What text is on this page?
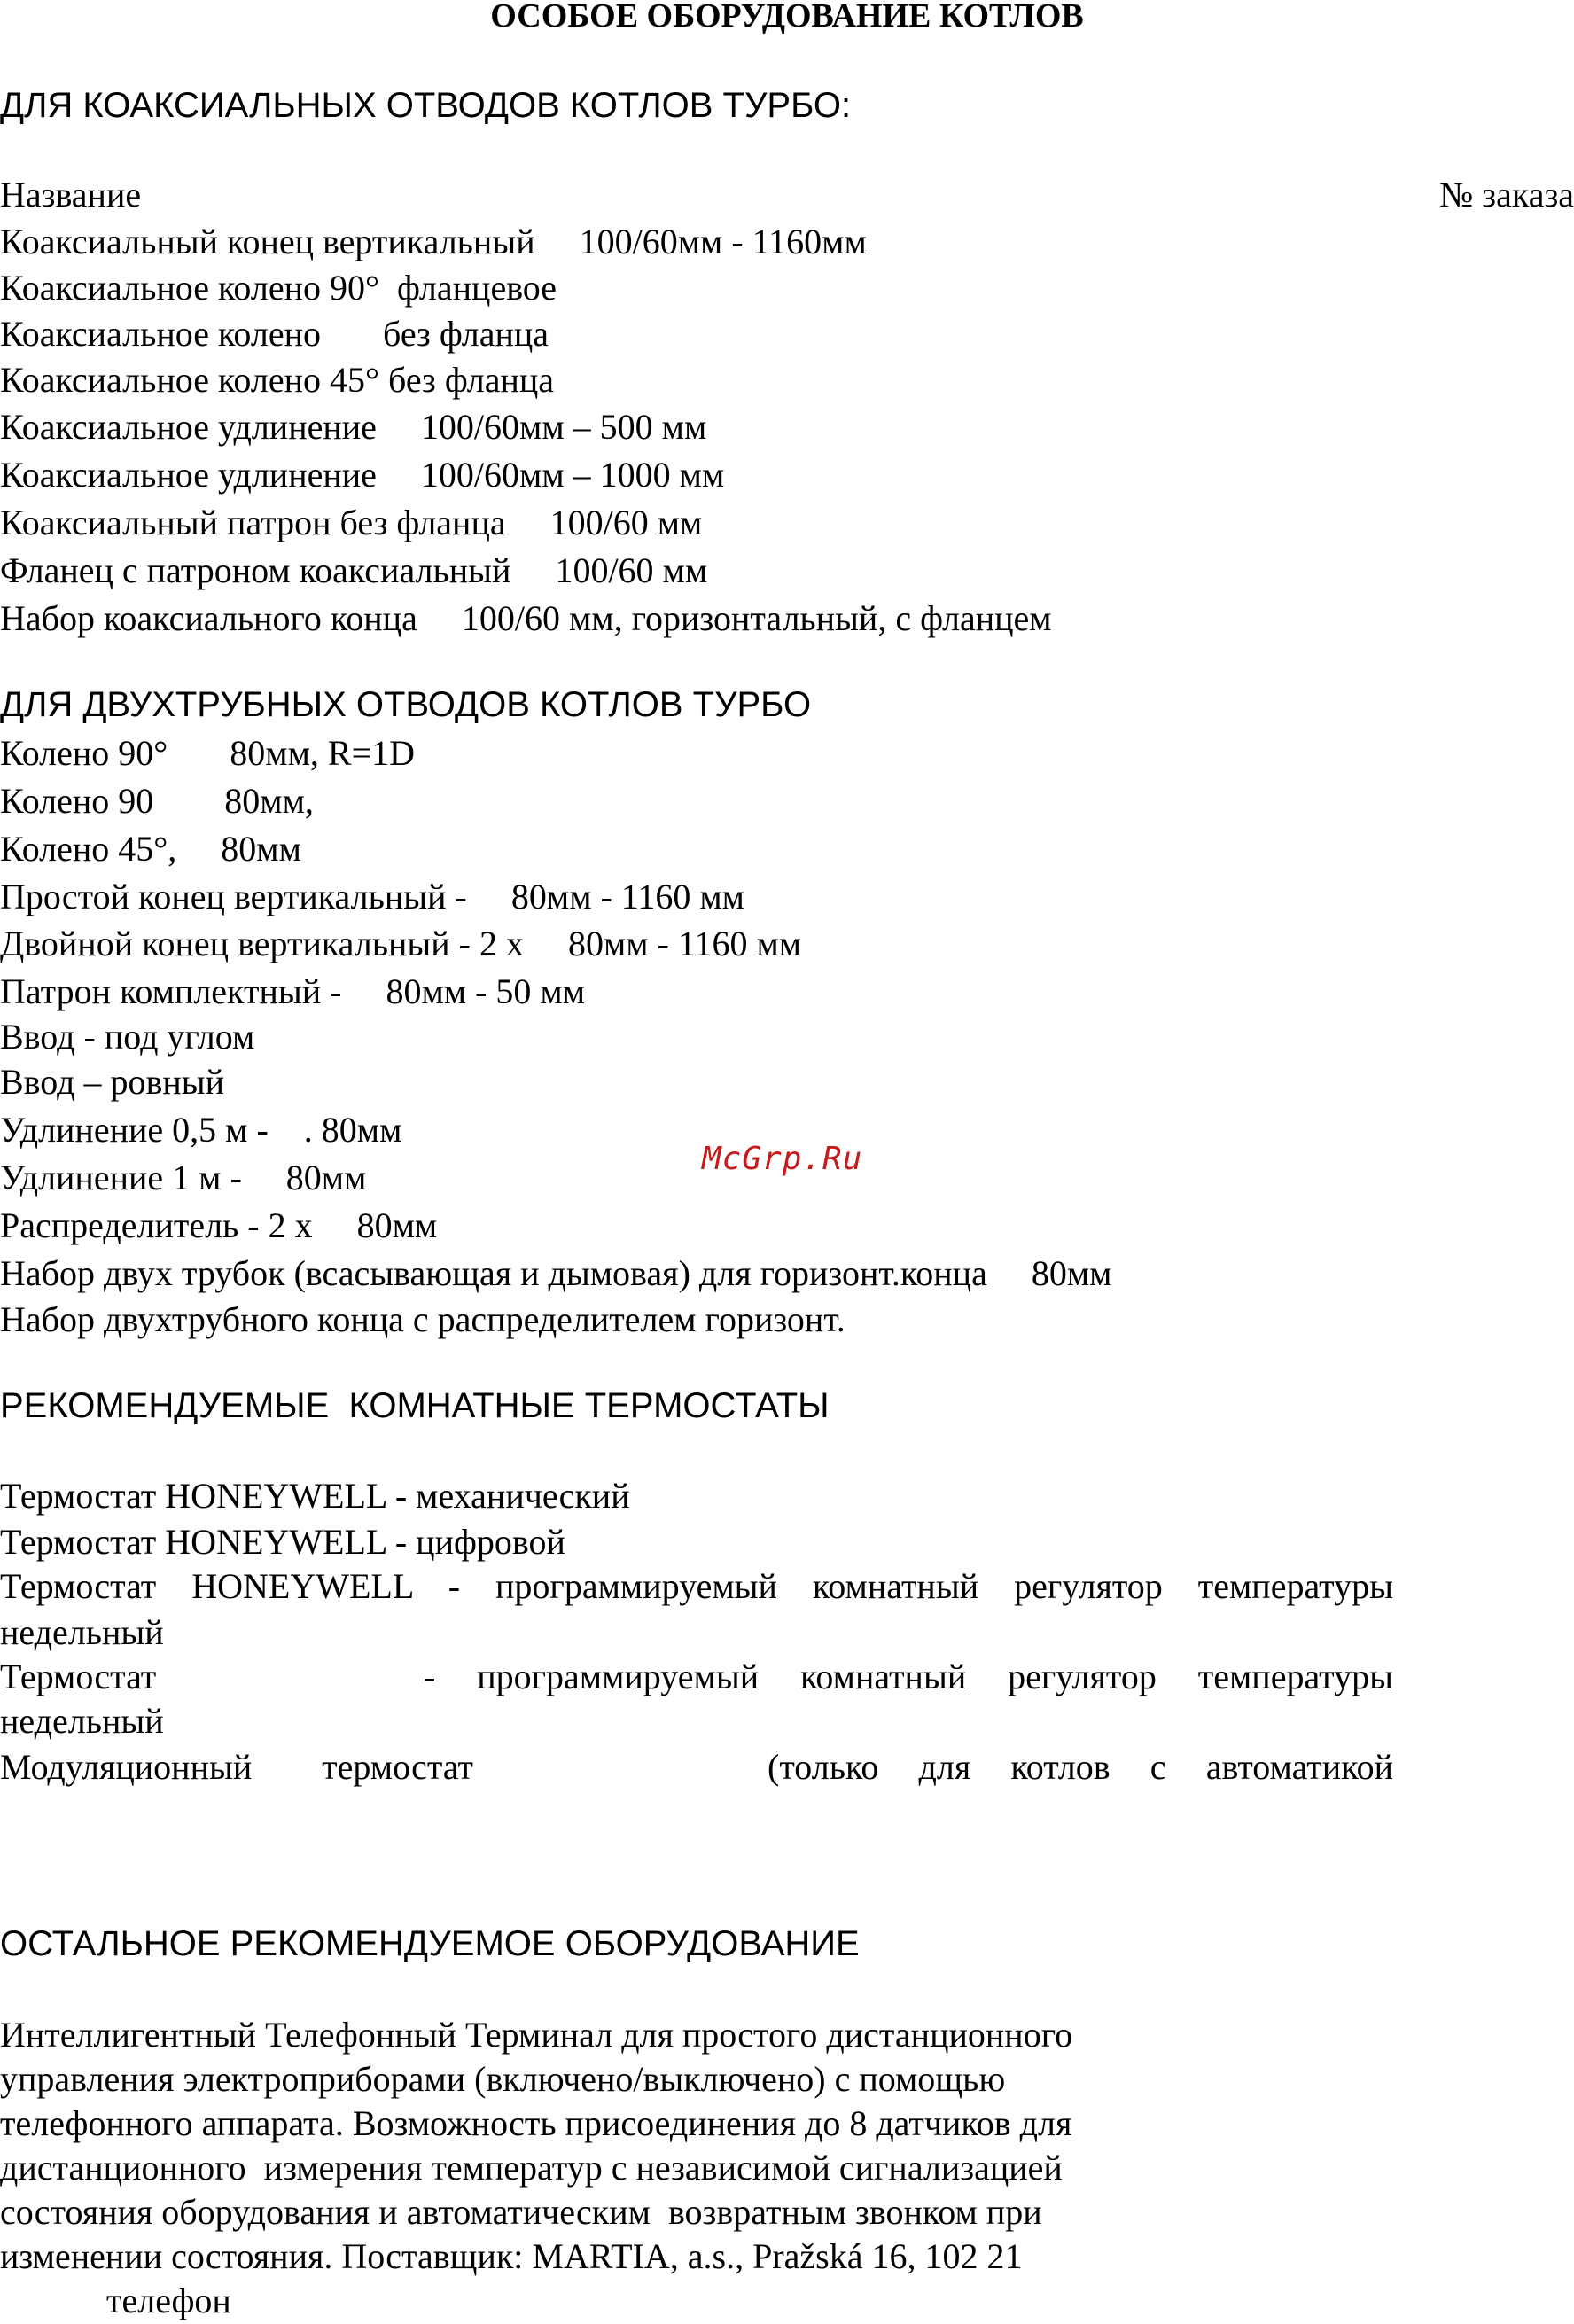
ОСОБОЕ ОБОРУДОВАНИЕ КОТЛОВ
ДЛЯ КОАКСИАЛЬНЫХ ОТВОДОВ КОТЛОВ ТУРБО:
Название	№ заказа
Коаксиальный конец вертикальный     100/60мм - 1160мм
Коаксиальное колено 90°  фланцевое
Коаксиальное колено       без фланца
Коаксиальное колено 45° без фланца
Коаксиальное удлинение     100/60мм – 500 мм
Коаксиальное удлинение     100/60мм – 1000 мм
Коаксиальный патрон без фланца     100/60 мм
Фланец с патроном коаксиальный     100/60 мм
Набор коаксиального конца     100/60 мм, горизонтальный, с фланцем
ДЛЯ ДВУХТРУБНЫХ ОТВОДОВ КОТЛОВ ТУРБО
Колено 90°       80мм, R=1D
Колено 90        80мм,
Колено 45°,     80мм
Простой конец вертикальный -     80мм - 1160 мм
Двойной конец вертикальный - 2 x     80мм - 1160 мм
Патрон комплектный -     80мм - 50 мм
Ввод - под углом
Ввод – ровный
Удлинение 0,5 м -    . 80мм
Удлинение 1 м -     80мм
Распределитель - 2 x     80мм
Набор двух трубок (всасывающая и дымовая) для горизонт.конца     80мм
Набор двухтрубного конца с распределителем горизонт.
McGrp.Ru
РЕКОМЕНДУЕМЫЕ  КОМНАТНЫЕ ТЕРМОСТАТЫ
Термостат HONEYWELL - механический
Термостат HONEYWELL - цифровой
Термостат HONEYWELL - программируемый комнатный регулятор температуры
недельный
Термостат	- программируемый комнатный регулятор температуры
недельный
Модуляционный термостат	(только для котлов с автоматикой
ОСТАЛЬНОЕ РЕКОМЕНДУЕМОЕ ОБОРУДОВАНИЕ
Интеллигентный Телефонный Терминал для простого дистанционного
управления электроприборами (включено/выключено) с помощью
телефонного аппарата. Возможность присоединения до 8 датчиков для
дистанционного  измерения температур с независимой сигнализацией
состояния оборудования и автоматическим  возвратным звонком при
изменении состояния. Поставщик: MARTIA, a.s., Pražská 16, 102 21
телефон
